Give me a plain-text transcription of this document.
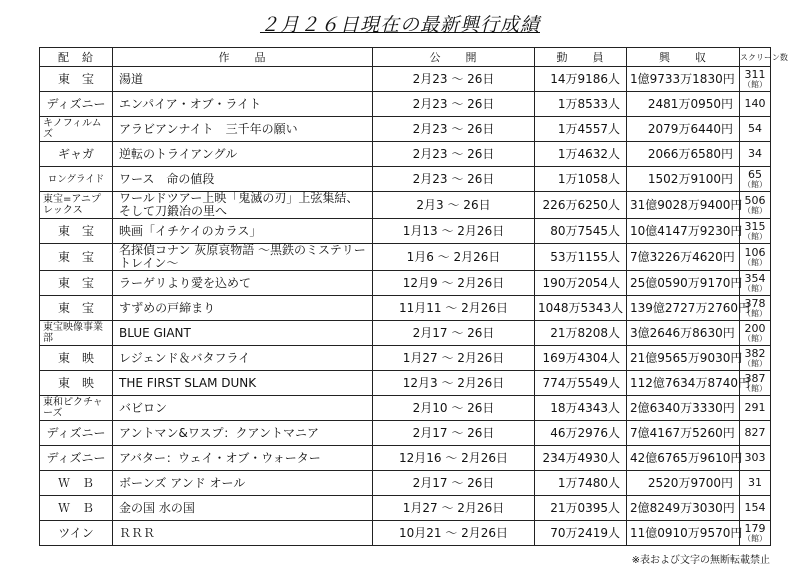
２月２６日現在の最新興行成績
配　給	作　　品	公　　開	動　　員	興　　収	スクリーン数
東　宝	湯道	2月23 ～ 26日	14万9186人	1億9733万1830円	311
（館）

ディズニー	エンパイア・オブ・ライト	2月23 ～ 26日	1万8533人	2481万0950円	140
キノフィルムズ	アラビアンナイト　三千年の願い	2月23 ～ 26日	1万4557人	2079万6440円	54
ギャガ	逆転のトライアングル	2月23 ～ 26日	1万4632人	2066万6580円	34
ロングライド	ワース　命の値段	2月23 ～ 26日	1万1058人	1502万9100円	65
（館）

東宝=アニプレックス	ワールドツアー上映「鬼滅の刃」上弦集結、そして刀鍛冶の里へ	2月3 ～ 26日	226万6250人	31億9028万9400円	506
（館）

東　宝	映画「イチケイのカラス」	1月13 ～ 2月26日	80万7545人	10億4147万9230円	315
（館）

東　宝	名探偵コナン 灰原哀物語 ～黒鉄のミステリートレイン～	1月6 ～ 2月26日	53万1155人	7億3226万4620円	106
（館）

東　宝	ラーゲリより愛を込めて	12月9 ～ 2月26日	190万2054人	25億0590万9170円	354
（館）

東　宝	すずめの戸締まり	11月11 ～ 2月26日	1048万5343人	139億2727万2760円	378
（館）

東宝映像事業部	BLUE GIANT	2月17 ～ 26日	21万8208人	3億2646万8630円	200
（館）

東　映	レジェンド＆バタフライ	1月27 ～ 2月26日	169万4304人	21億9565万9030円	382
（館）

東　映	THE FIRST SLAM DUNK	12月3 ～ 2月26日	774万5549人	112億7634万8740円	387
（館）

東和ピクチャーズ	バビロン	2月10 ～ 26日	18万4343人	2億6340万3330円	291
ディズニー	アントマン&ワスプ：クアントマニア	2月17 ～ 26日	46万2976人	7億4167万5260円	827
ディズニー	アバター：ウェイ・オブ・ウォーター	12月16 ～ 2月26日	234万4930人	42億6765万9610円	303
Ｗ　Ｂ	ボーンズ アンド オール	2月17 ～ 26日	1万7480人	2520万9700円	31
Ｗ　Ｂ	金の国 水の国	1月27 ～ 2月26日	21万0395人	2億8249万3030円	154
ツイン	ＲＲＲ	10月21 ～ 2月26日	70万2419人	11億0910万9570円	179
（館）
※表および文字の無断転載禁止
